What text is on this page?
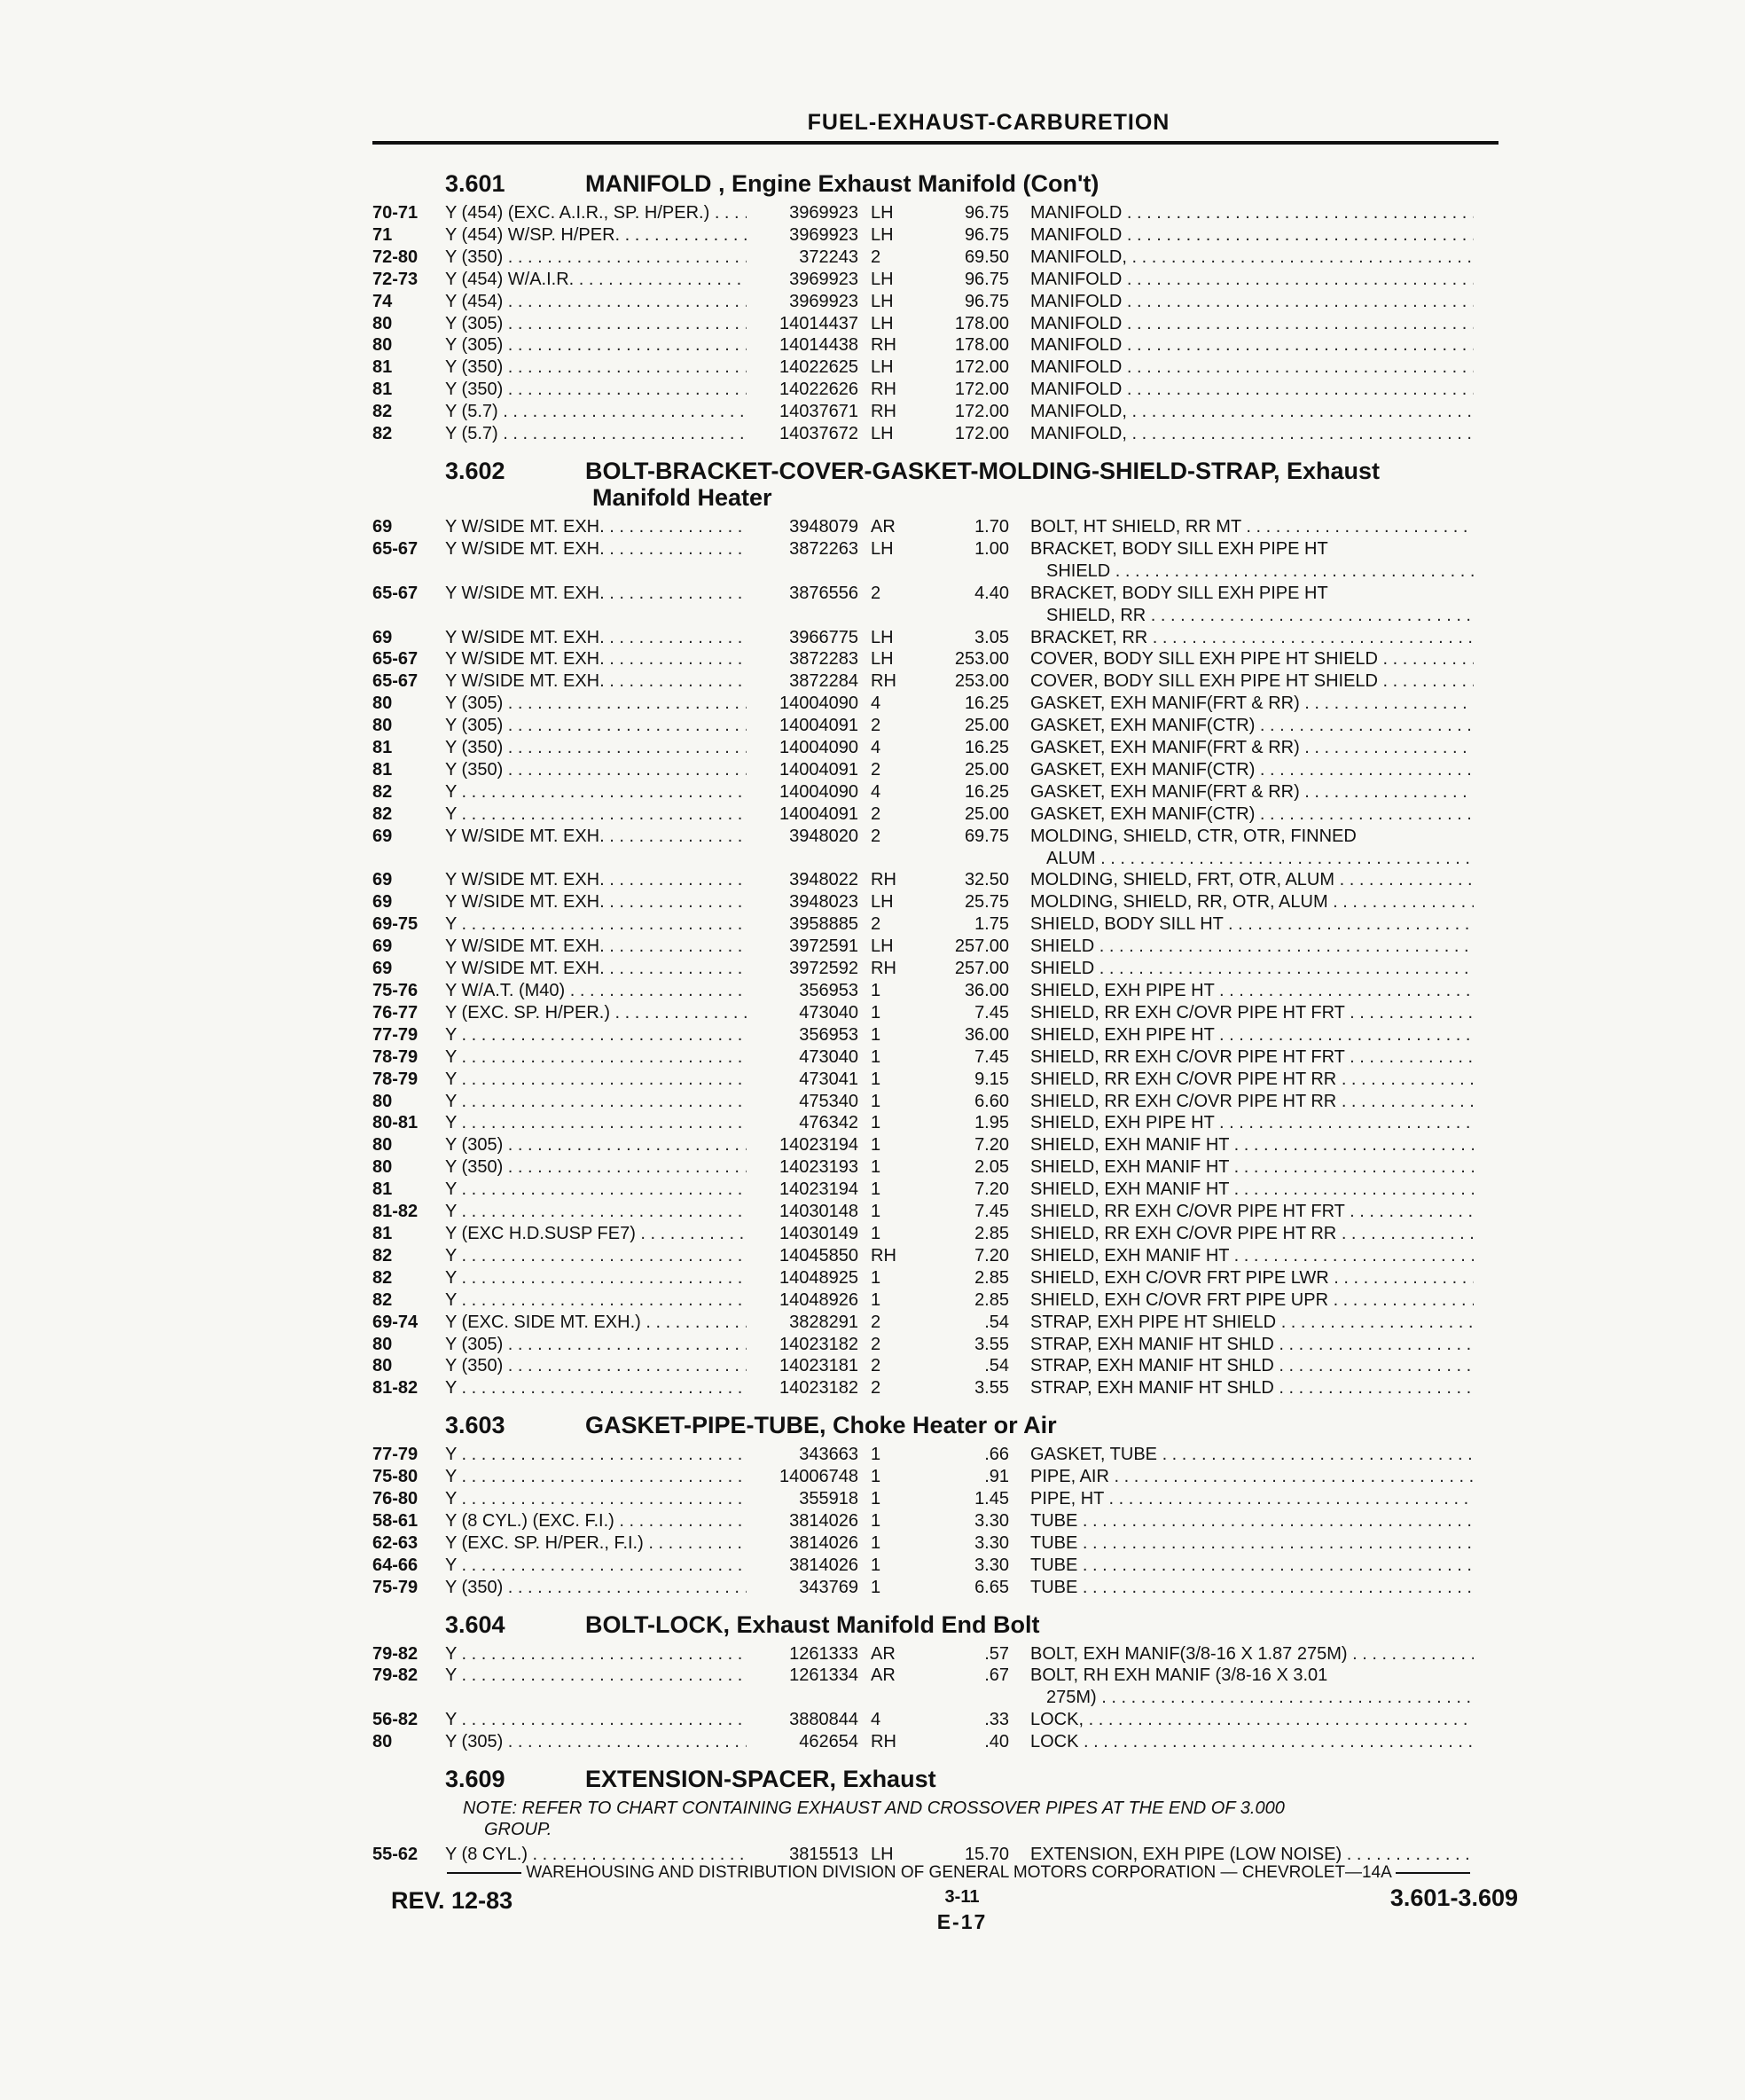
FUEL-EXHAUST-CARBURETION
3.601	MANIFOLD , Engine Exhaust Manifold (Con't)
70-71	Y (454) (EXC. A.I.R., SP. H/PER.) . . .	3969923 LH	96.75	MANIFOLD . . .
71	Y (454) W/SP. H/PER. . . .	3969923 LH	96.75	MANIFOLD . . .
72-80	Y (350) . . .	372243 2	69.50	MANIFOLD, . . .
72-73	Y (454) W/A.I.R. . . .	3969923 LH	96.75	MANIFOLD . . .
74	Y (454) . . .	3969923 LH	96.75	MANIFOLD . . .
80	Y (305) . . .	14014437 LH	178.00	MANIFOLD . . .
80	Y (305) . . .	14014438 RH	178.00	MANIFOLD . . .
81	Y (350) . . .	14022625 LH	172.00	MANIFOLD . . .
81	Y (350) . . .	14022626 RH	172.00	MANIFOLD . . .
82	Y (5.7) . . .	14037671 RH	172.00	MANIFOLD, . . .
82	Y (5.7) . . .	14037672 LH	172.00	MANIFOLD, . . .
3.602	BOLT-BRACKET-COVER-GASKET-MOLDING-SHIELD-STRAP, Exhaust
Manifold Heater
69	Y W/SIDE MT. EXH. . . .	3948079 AR	1.70	BOLT, HT SHIELD, RR MT . . .
65-67	Y W/SIDE MT. EXH. . . .	3872263 LH	1.00	BRACKET, BODY SILL EXH PIPE HT
SHIELD . . .
65-67	Y W/SIDE MT. EXH. . . .	3876556 2	4.40	BRACKET, BODY SILL EXH PIPE HT
SHIELD, RR . . .
69	Y W/SIDE MT. EXH. . . .	3966775 LH	3.05	BRACKET, RR . . .
65-67	Y W/SIDE MT. EXH. . . .	3872283 LH	253.00	COVER, BODY SILL EXH PIPE HT SHIELD . . .
65-67	Y W/SIDE MT. EXH. . . .	3872284 RH	253.00	COVER, BODY SILL EXH PIPE HT SHIELD . . .
80	Y (305) . . .	14004090 4	16.25	GASKET, EXH MANIF(FRT & RR) . . .
80	Y (305) . . .	14004091 2	25.00	GASKET, EXH MANIF(CTR) . . .
81	Y (350) . . .	14004090 4	16.25	GASKET, EXH MANIF(FRT & RR) . . .
81	Y (350) . . .	14004091 2	25.00	GASKET, EXH MANIF(CTR) . . .
82	Y . . .	14004090 4	16.25	GASKET, EXH MANIF(FRT & RR) . . .
82	Y . . .	14004091 2	25.00	GASKET, EXH MANIF(CTR) . . .
69	Y W/SIDE MT. EXH. . . .	3948020 2	69.75	MOLDING, SHIELD, CTR, OTR, FINNED
ALUM . . .
69	Y W/SIDE MT. EXH. . . .	3948022 RH	32.50	MOLDING, SHIELD, FRT, OTR, ALUM . . .
69	Y W/SIDE MT. EXH. . . .	3948023 LH	25.75	MOLDING, SHIELD, RR, OTR, ALUM . . .
69-75	Y . . .	3958885 2	1.75	SHIELD, BODY SILL HT . . .
69	Y W/SIDE MT. EXH. . . .	3972591 LH	257.00	SHIELD . . .
69	Y W/SIDE MT. EXH. . . .	3972592 RH	257.00	SHIELD . . .
75-76	Y W/A.T. (M40) . . .	356953 1	36.00	SHIELD, EXH PIPE HT . . .
76-77	Y (EXC. SP. H/PER.) . . .	473040 1	7.45	SHIELD, RR EXH C/OVR PIPE HT FRT . . .
77-79	Y . . .	356953 1	36.00	SHIELD, EXH PIPE HT . . .
78-79	Y . . .	473040 1	7.45	SHIELD, RR EXH C/OVR PIPE HT FRT . . .
78-79	Y . . .	473041 1	9.15	SHIELD, RR EXH C/OVR PIPE HT RR . . .
80	Y . . .	475340 1	6.60	SHIELD, RR EXH C/OVR PIPE HT RR . . .
80-81	Y . . .	476342 1	1.95	SHIELD, EXH PIPE HT . . .
80	Y (305) . . .	14023194 1	7.20	SHIELD, EXH MANIF HT . . .
80	Y (350) . . .	14023193 1	2.05	SHIELD, EXH MANIF HT . . .
81	Y . . .	14023194 1	7.20	SHIELD, EXH MANIF HT . . .
81-82	Y . . .	14030148 1	7.45	SHIELD, RR EXH C/OVR PIPE HT FRT . . .
81	Y (EXC H.D.SUSP FE7) . . .	14030149 1	2.85	SHIELD, RR EXH C/OVR PIPE HT RR . . .
82	Y . . .	14045850 RH	7.20	SHIELD, EXH MANIF HT . . .
82	Y . . .	14048925 1	2.85	SHIELD, EXH C/OVR FRT PIPE LWR . . .
82	Y . . .	14048926 1	2.85	SHIELD, EXH C/OVR FRT PIPE UPR . . .
69-74	Y (EXC. SIDE MT. EXH.) . . .	3828291 2	.54	STRAP, EXH PIPE HT SHIELD . . .
80	Y (305) . . .	14023182 2	3.55	STRAP, EXH MANIF HT SHLD . . .
80	Y (350) . . .	14023181 2	.54	STRAP, EXH MANIF HT SHLD . . .
81-82	Y . . .	14023182 2	3.55	STRAP, EXH MANIF HT SHLD . . .
3.603	GASKET-PIPE-TUBE, Choke Heater or Air
77-79	Y . . .	343663 1	.66	GASKET, TUBE . . .
75-80	Y . . .	14006748 1	.91	PIPE, AIR . . .
76-80	Y . . .	355918 1	1.45	PIPE, HT . . .
58-61	Y (8 CYL.) (EXC. F.I.) . . .	3814026 1	3.30	TUBE . . .
62-63	Y (EXC. SP. H/PER., F.I.) . . .	3814026 1	3.30	TUBE . . .
64-66	Y . . .	3814026 1	3.30	TUBE . . .
75-79	Y (350) . . .	343769 1	6.65	TUBE . . .
3.604	BOLT-LOCK, Exhaust Manifold End Bolt
79-82	Y . . .	1261333 AR	.57	BOLT, EXH MANIF(3/8-16 X 1.87 275M) . . .
79-82	Y . . .	1261334 AR	.67	BOLT, RH EXH MANIF (3/8-16 X 3.01
275M) . . .
56-82	Y . . .	3880844 4	.33	LOCK, . . .
80	Y (305) . . .	462654 RH	.40	LOCK . . .
3.609	EXTENSION-SPACER, Exhaust
NOTE: REFER TO CHART CONTAINING EXHAUST AND CROSSOVER PIPES AT THE END OF 3.000
GROUP.
55-62	Y (8 CYL.) . . .	3815513 LH	15.70	EXTENSION, EXH PIPE (LOW NOISE) . . .
WAREHOUSING AND DISTRIBUTION DIVISION OF GENERAL MOTORS CORPORATION — CHEVROLET—14A
REV. 12-83	3-11
E-17
3.601-3.609
